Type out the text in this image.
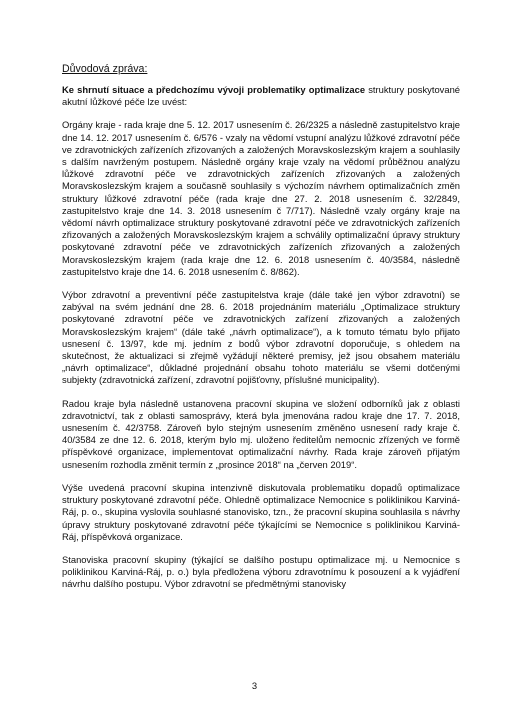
Důvodová zpráva:

Ke shrnutí situace a předchozímu vývoji problematiky optimalizace struktury poskytované akutní lůžkové péče lze uvést:

Orgány kraje - rada kraje dne 5. 12. 2017 usnesením č. 26/2325 a následně zastupitelstvo kraje dne 14. 12. 2017 usnesením č. 6/576 - vzaly na vědomí vstupní analýzu lůžkové zdravotní péče ve zdravotnických zařízeních zřizovaných a založených Moravskoslezským krajem a souhlasily s dalším navrženým postupem. Následně orgány kraje vzaly na vědomí průběžnou analýzu lůžkové zdravotní péče ve zdravotnických zařízeních zřizovaných a založených Moravskoslezským krajem a současně souhlasily s výchozím návrhem optimalizačních změn struktury lůžkové zdravotní péče (rada kraje dne 27. 2. 2018 usnesením č. 32/2849, zastupitelstvo kraje dne 14. 3. 2018 usnesením č 7/717). Následně vzaly orgány kraje na vědomí návrh optimalizace struktury poskytované zdravotní péče ve zdravotnických zařízeních zřizovaných a založených Moravskoslezským krajem a schválily optimalizační úpravy struktury poskytované zdravotní péče ve zdravotnických zařízeních zřizovaných a založených Moravskoslezským krajem (rada kraje dne 12. 6. 2018 usnesením č. 40/3584, následně zastupitelstvo kraje dne 14. 6. 2018 usnesením č. 8/862).

Výbor zdravotní a preventivní péče zastupitelstva kraje (dále také jen výbor zdravotní) se zabýval na svém jednání dne 28. 6. 2018 projednáním materiálu „Optimalizace struktury poskytované zdravotní péče ve zdravotnických zařízení zřizovaných a založených Moravskoslezským krajem“ (dále také „návrh optimalizace“), a k tomuto tématu bylo přijato usnesení č. 13/97, kde mj. jedním z bodů výbor zdravotní doporučuje, s ohledem na skutečnost, že aktualizaci si zřejmě vyžádují některé premisy, jež jsou obsahem materiálu „návrh optimalizace“, důkladné projednání obsahu tohoto materiálu se všemi dotčenými subjekty (zdravotnická zařízení, zdravotní pojišťovny, příslušné municipality).

Radou kraje byla následně ustanovena pracovní skupina ve složení odborníků jak z oblasti zdravotnictví, tak z oblasti samosprávy, která byla jmenována radou kraje dne 17. 7. 2018, usnesením č. 42/3758. Zároveň bylo stejným usnesením změněno usnesení rady kraje č. 40/3584 ze dne 12. 6. 2018, kterým bylo mj. uloženo ředitelům nemocnic zřízených ve formě příspěvkové organizace, implementovat optimalizační návrhy. Rada kraje zároveň přijatým usnesením rozhodla změnit termín z „prosince 2018“ na „červen 2019“.

Výše uvedená pracovní skupina intenzivně diskutovala problematiku dopadů optimalizace struktury poskytované zdravotní péče. Ohledně optimalizace Nemocnice s poliklinikou Karviná-Ráj, p. o., skupina vyslovila souhlasné stanovisko, tzn., že pracovní skupina souhlasila s návrhy úpravy struktury poskytované zdravotní péče týkajícími se Nemocnice s poliklinikou Karviná-Ráj, příspěvková organizace.

Stanoviska pracovní skupiny (týkající se dalšího postupu optimalizace mj. u Nemocnice s poliklinikou Karviná-Ráj, p. o.) byla předložena výboru zdravotnímu k posouzení a k vyjádření návrhu dalšího postupu. Výbor zdravotní se předmětnými stanovisky

3
